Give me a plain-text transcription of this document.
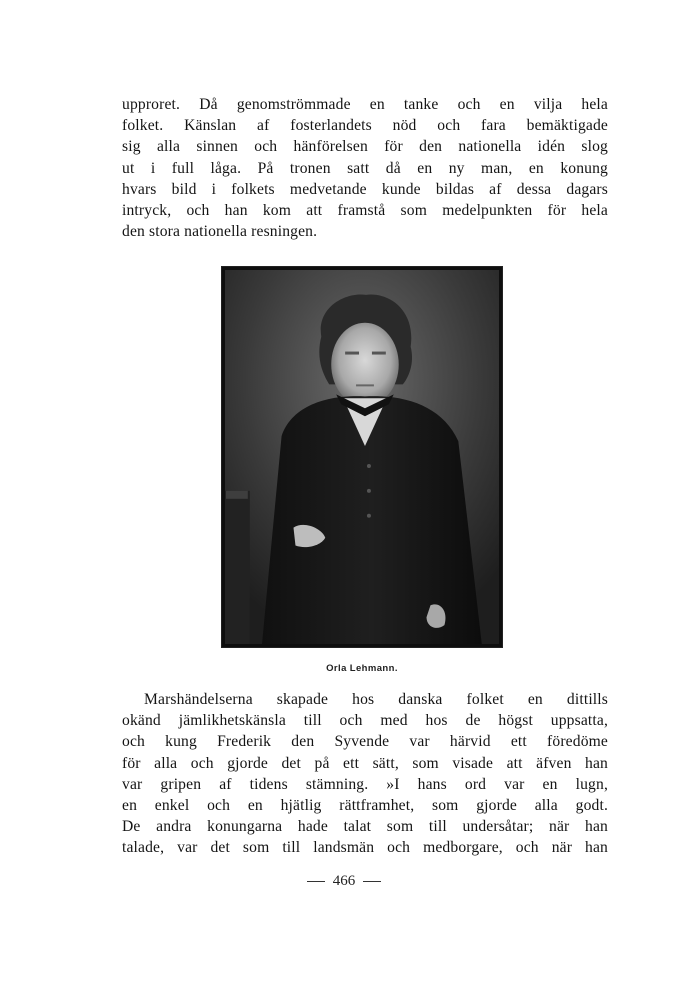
upproret. Då genomströmmade en tanke och en vilja hela
folket. Känslan af fosterlandets nöd och fara bemäktigade
sig alla sinnen och hänförelsen för den nationella idén slog
ut i full låga. På tronen satt då en ny man, en konung
hvars bild i folkets medvetande kunde bildas af dessa dagars
intryck, och han kom att framstå som medelpunkten för hela
den stora nationella resningen.

Orla Lehmann.

Marshändelserna skapade hos danska folket en dittills
okänd jämlikhetskänsla till och med hos de högst uppsatta,
och kung Frederik den Syvende var härvid ett föredöme
för alla och gjorde det på ett sätt, som visade att äfven han
var gripen af tidens stämning. »I hans ord var en lugn,
en enkel och en hjätlig rättframhet, som gjorde alla godt.
De andra konungarna hade talat som till undersåtar; när han
talade, var det som till landsmän och medborgare, och när han

466
